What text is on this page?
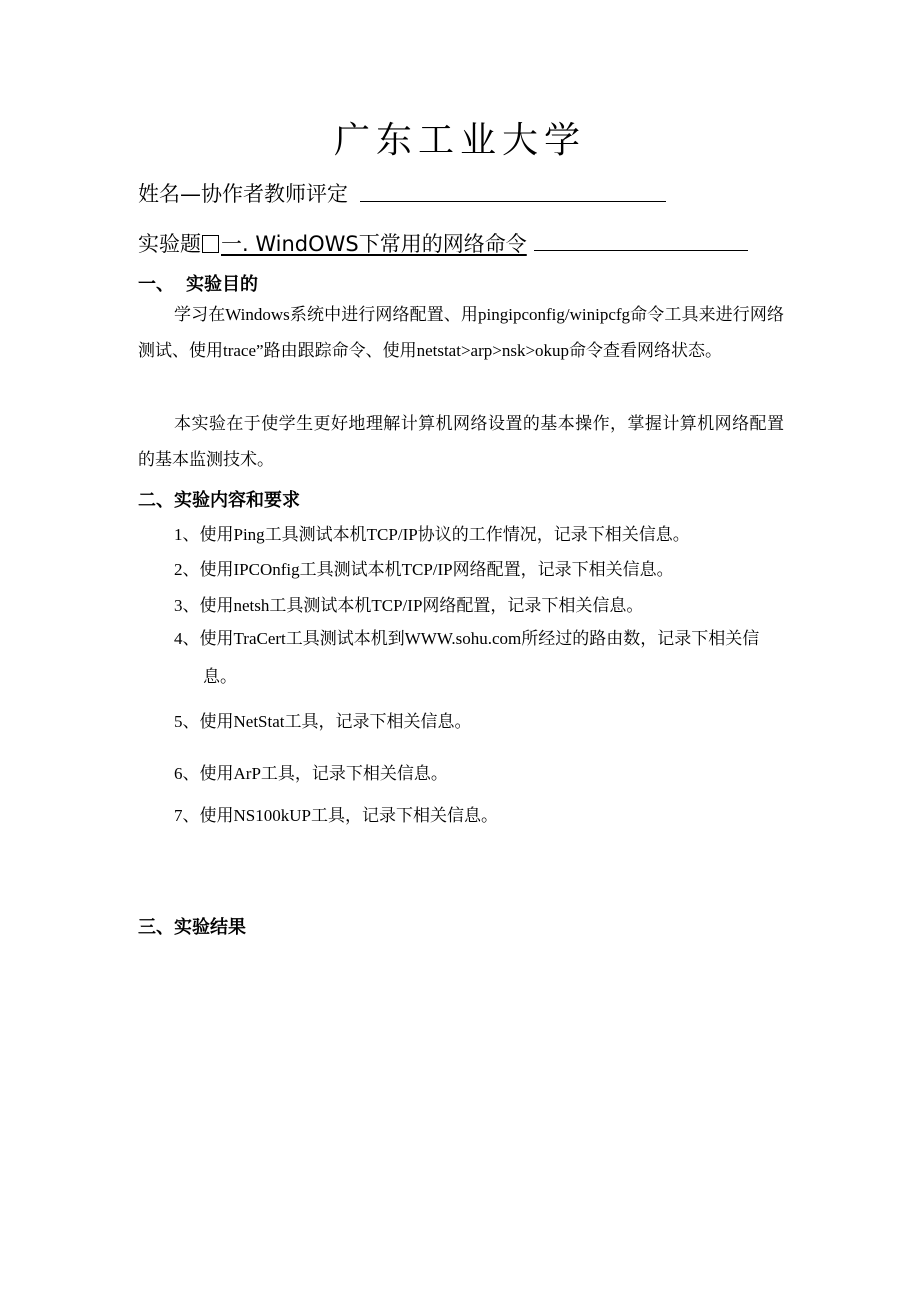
广东工业大学
姓名—协作者教师评定
实验题 一. WindOWS下常用的网络命令
一、 实验目的
学习在Windows系统中进行网络配置、用pingipconfig/winipcfg命令工具来进行网络测试、使用trace”路由跟踪命令、使用netstat>arp>nsk>okup命令查看网络状态。
本实验在于使学生更好地理解计算机网络设置的基本操作，掌握计算机网络配置的基本监测技术。
二、实验内容和要求
1、使用Ping工具测试本机TCP/IP协议的工作情况，记录下相关信息。
2、使用IPCOnfig工具测试本机TCP/IP网络配置，记录下相关信息。
3、使用netsh工具测试本机TCP/IP网络配置，记录下相关信息。
4、使用TraCert工具测试本机到WWW.sohu.com所经过的路由数，记录下相关信息。
5、使用NetStat工具，记录下相关信息。
6、使用ArP工具，记录下相关信息。
7、使用NS100kUP工具，记录下相关信息。
三、实验结果
